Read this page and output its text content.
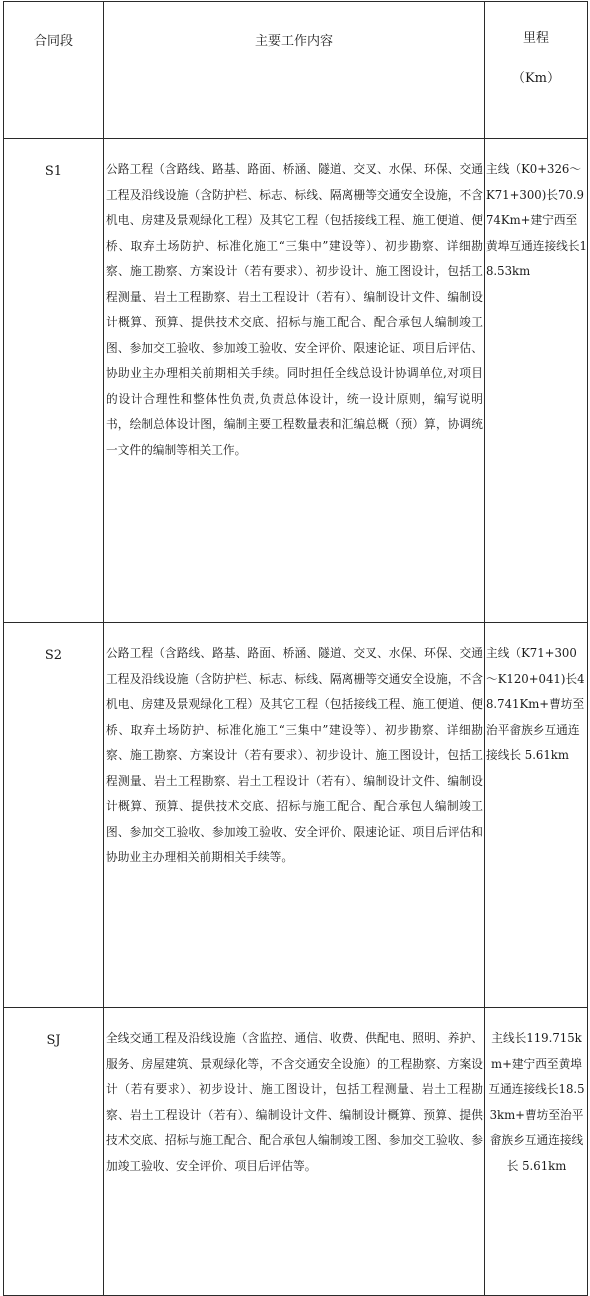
合同段	主要工作内容	里程
（Km）

S1	公路工程（含路线、路基、路面、桥涵、隧道、交叉、水保、环保、交通工程及沿线设施（含防护栏、标志、标线、隔离栅等交通安全设施，不含机电、房建及景观绿化工程）及其它工程（包括接线工程、施工便道、便桥、取弃土场防护、标准化施工“三集中”建设等）、初步勘察、详细勘察、施工勘察、方案设计（若有要求）、初步设计、施工图设计，包括工程测量、岩土工程勘察、岩土工程设计（若有）、编制设计文件、编制设计概算、预算、提供技术交底、招标与施工配合、配合承包人编制竣工图、参加交工验收、参加竣工验收、安全评价、限速论证、项目后评估、协助业主办理相关前期相关手续。同时担任全线总设计协调单位,对项目的设计合理性和整体性负责,负责总体设计，统一设计原则，编写说明书，绘制总体设计图，编制主要工程数量表和汇编总概（预）算，协调统一文件的编制等相关工作。	主线（K0+326～K71+300)长70.974Km+建宁西至黄埠互通连接线长18.53km
S2	公路工程（含路线、路基、路面、桥涵、隧道、交叉、水保、环保、交通工程及沿线设施（含防护栏、标志、标线、隔离栅等交通安全设施，不含机电、房建及景观绿化工程）及其它工程（包括接线工程、施工便道、便桥、取弃土场防护、标准化施工“三集中”建设等）、初步勘察、详细勘察、施工勘察、方案设计（若有要求）、初步设计、施工图设计，包括工程测量、岩土工程勘察、岩土工程设计（若有）、编制设计文件、编制设计概算、预算、提供技术交底、招标与施工配合、配合承包人编制竣工图、参加交工验收、参加竣工验收、安全评价、限速论证、项目后评估和协助业主办理相关前期相关手续等。	主线（K71+300～K120+041)长48.741Km+曹坊至治平畲族乡互通连接线长 5.61km
SJ	全线交通工程及沿线设施（含监控、通信、收费、供配电、照明、养护、服务、房屋建筑、景观绿化等，不含交通安全设施）的工程勘察、方案设计（若有要求）、初步设计、施工图设计，包括工程测量、岩土工程勘察、岩土工程设计（若有）、编制设计文件、编制设计概算、预算、提供技术交底、招标与施工配合、配合承包人编制竣工图、参加交工验收、参加竣工验收、安全评价、项目后评估等。	主线长119.715km+建宁西至黄埠互通连接线长18.53km+曹坊至治平畲族乡互通连接线长 5.61km
